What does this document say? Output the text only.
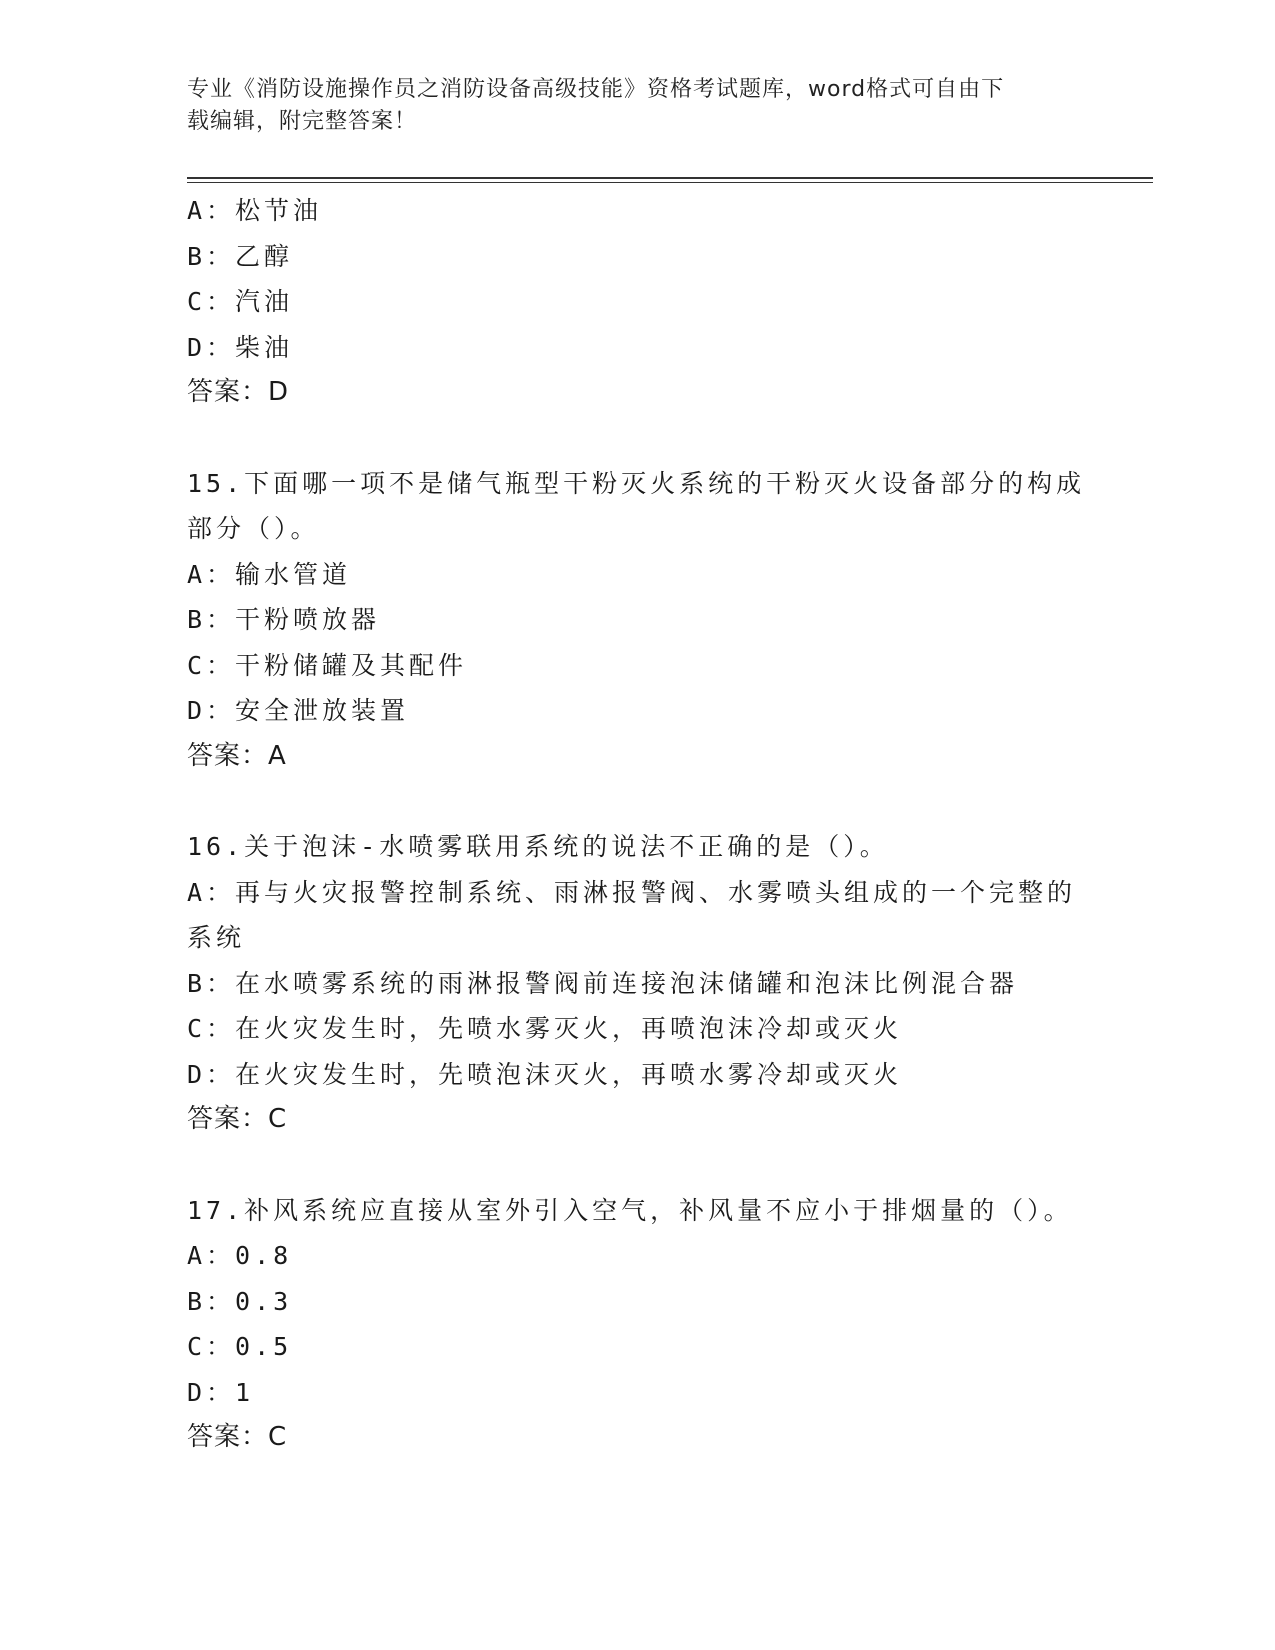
专业《消防设施操作员之消防设备高级技能》资格考试题库，word格式可自由下
载编辑，附完整答案！
A：松节油
B：乙醇
C：汽油
D：柴油
答案：D
15.下面哪一项不是储气瓶型干粉灭火系统的干粉灭火设备部分的构成
部分（）。
A：输水管道
B：干粉喷放器
C：干粉储罐及其配件
D：安全泄放装置
答案：A
16.关于泡沫-水喷雾联用系统的说法不正确的是（）。
A：再与火灾报警控制系统、雨淋报警阀、水雾喷头组成的一个完整的
系统
B：在水喷雾系统的雨淋报警阀前连接泡沫储罐和泡沫比例混合器
C：在火灾发生时，先喷水雾灭火，再喷泡沫冷却或灭火
D：在火灾发生时，先喷泡沫灭火，再喷水雾冷却或灭火
答案：C
17.补风系统应直接从室外引入空气，补风量不应小于排烟量的（）。
A：0.8
B：0.3
C：0.5
D：1
答案：C
